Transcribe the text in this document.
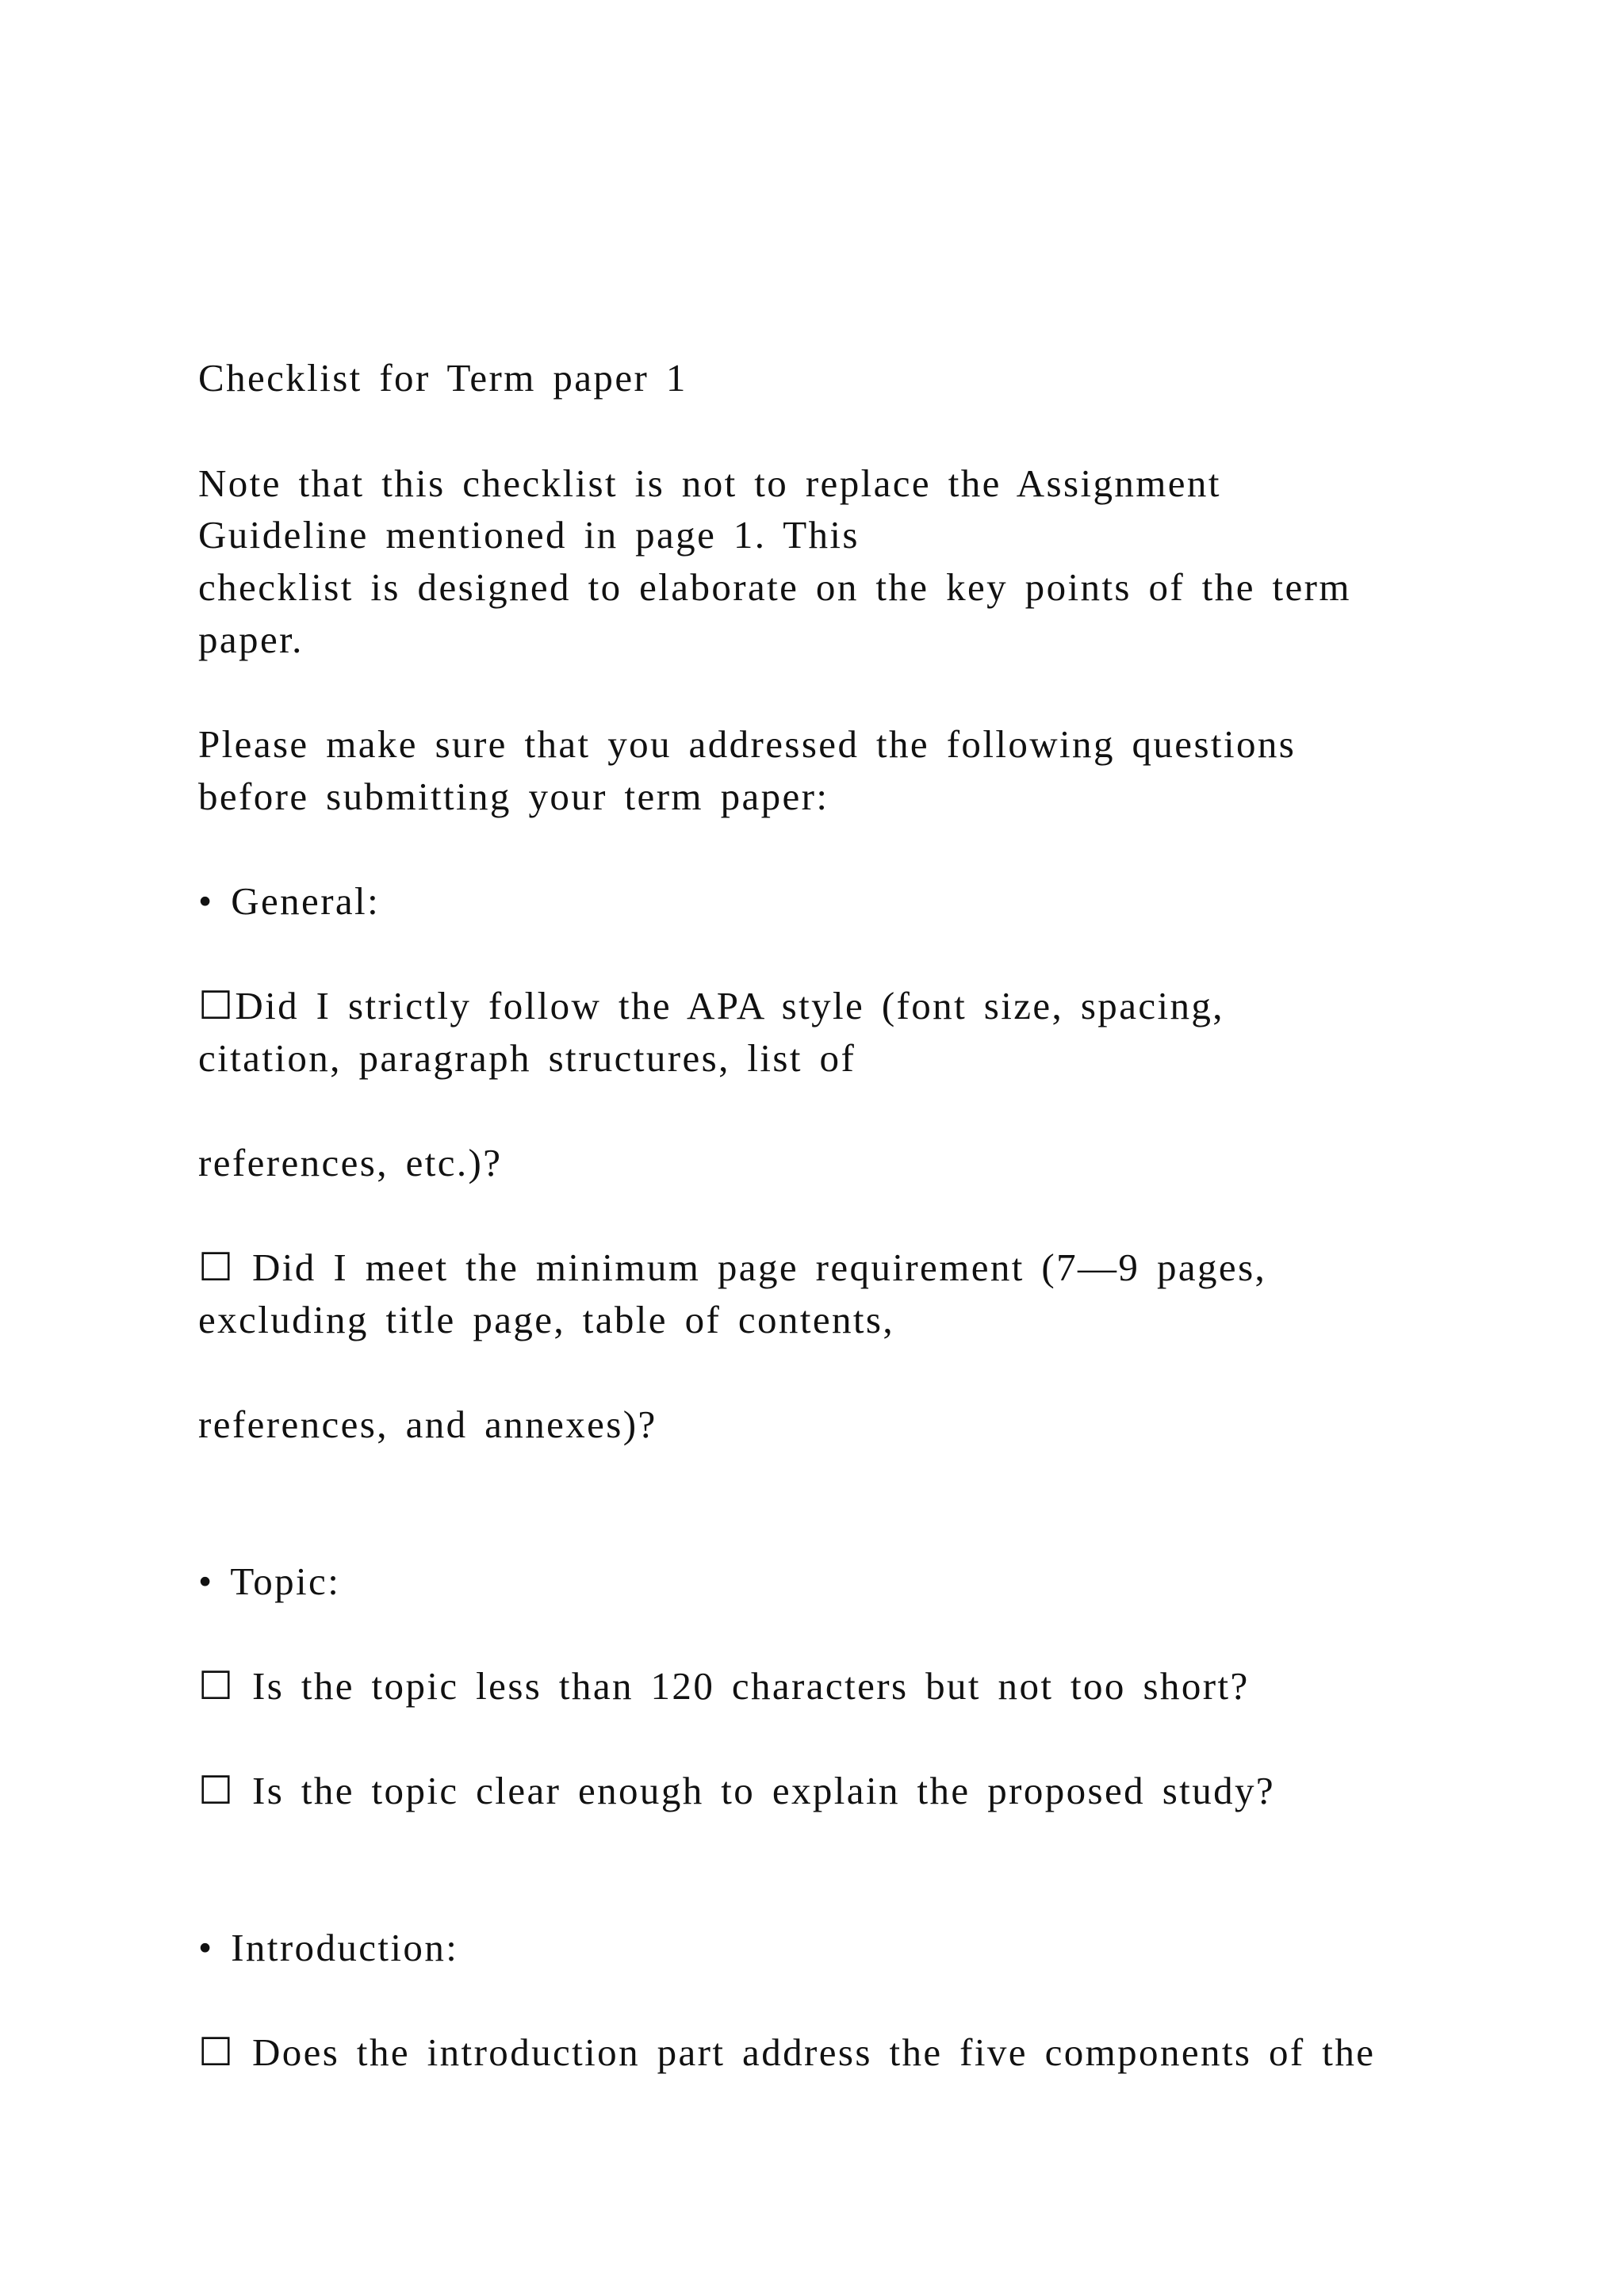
Checklist for Term paper 1
Note that this checklist is not to replace the Assignment
Guideline mentioned in page 1. This
checklist is designed to elaborate on the key points of the term
paper.
Please make sure that you addressed the following questions
before submitting your term paper:
• General:
☐Did I strictly follow the APA style (font size, spacing,
citation, paragraph structures, list of
references, etc.)?
☐ Did I meet the minimum page requirement (7—9 pages,
excluding title page, table of contents,
references, and annexes)?
• Topic:
☐ Is the topic less than 120 characters but not too short?
☐ Is the topic clear enough to explain the proposed study?
• Introduction:
☐ Does the introduction part address the five components of the
